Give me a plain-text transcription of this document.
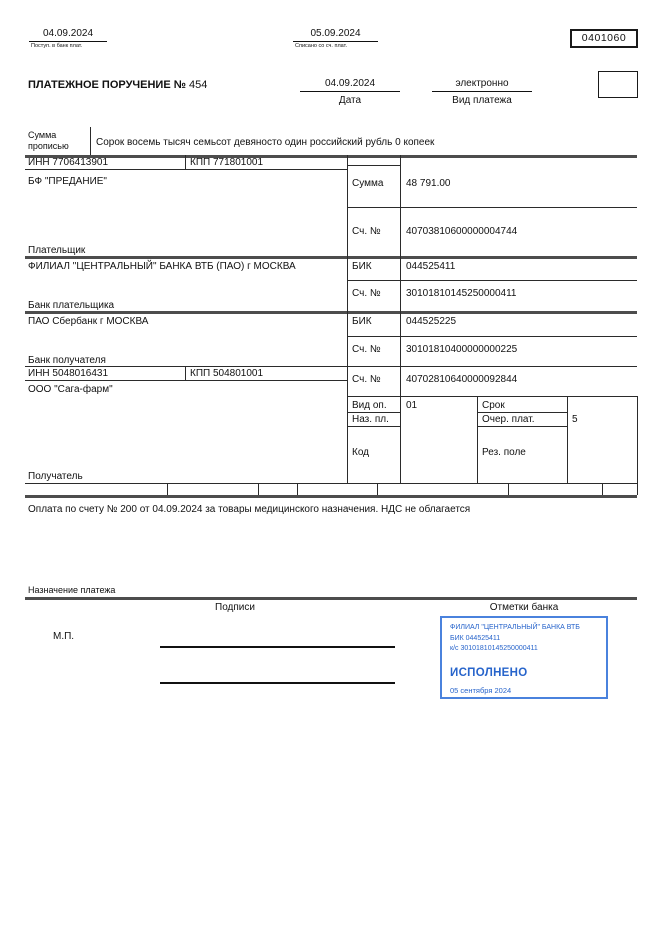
04.09.2024
Поступ. в банк плат.
05.09.2024
Списано со сч. плат.
0401060
ПЛАТЕЖНОЕ ПОРУЧЕНИЕ № 454	04.09.2024
Дата
электронно
Вид платежа
Сумма прописью	Сорок восемь тысяч семьсот девяносто один российский рубль 0 копеек
ИНН 7706413901	КПП 771801001
БФ "ПРЕДАНИЕ"
Плательщик
ФИЛИАЛ "ЦЕНТРАЛЬНЫЙ" БАНКА ВТБ (ПАО) г МОСКВА
Банк плательщика
ПАО Сбербанк г МОСКВА
Банк получателя
ИНН 5048016431	КПП 504801001
ООО "Сага-фарм"
Получатель
Сумма 48 791.00
Сч. №	40703810600000004744
БИК	044525411
Сч. №	30101810145250000411
БИК	044525225
Сч. №	30101810400000000225
Сч. №	40702810640000092844
Вид оп. 01	Срок
Наз. пл.	Очер. плат.	5
Код	Рез. поле
Оплата по счету № 200 от 04.09.2024 за товары медицинского назначения. НДС не облагается
Назначение платежа
Подписи	Отметки банка
М.П.
ФИЛИАЛ "ЦЕНТРАЛЬНЫЙ" БАНКА ВТБ
БИК 044525411
к/с 30101810145250000411
ИСПОЛНЕНО
05 сентября 2024
